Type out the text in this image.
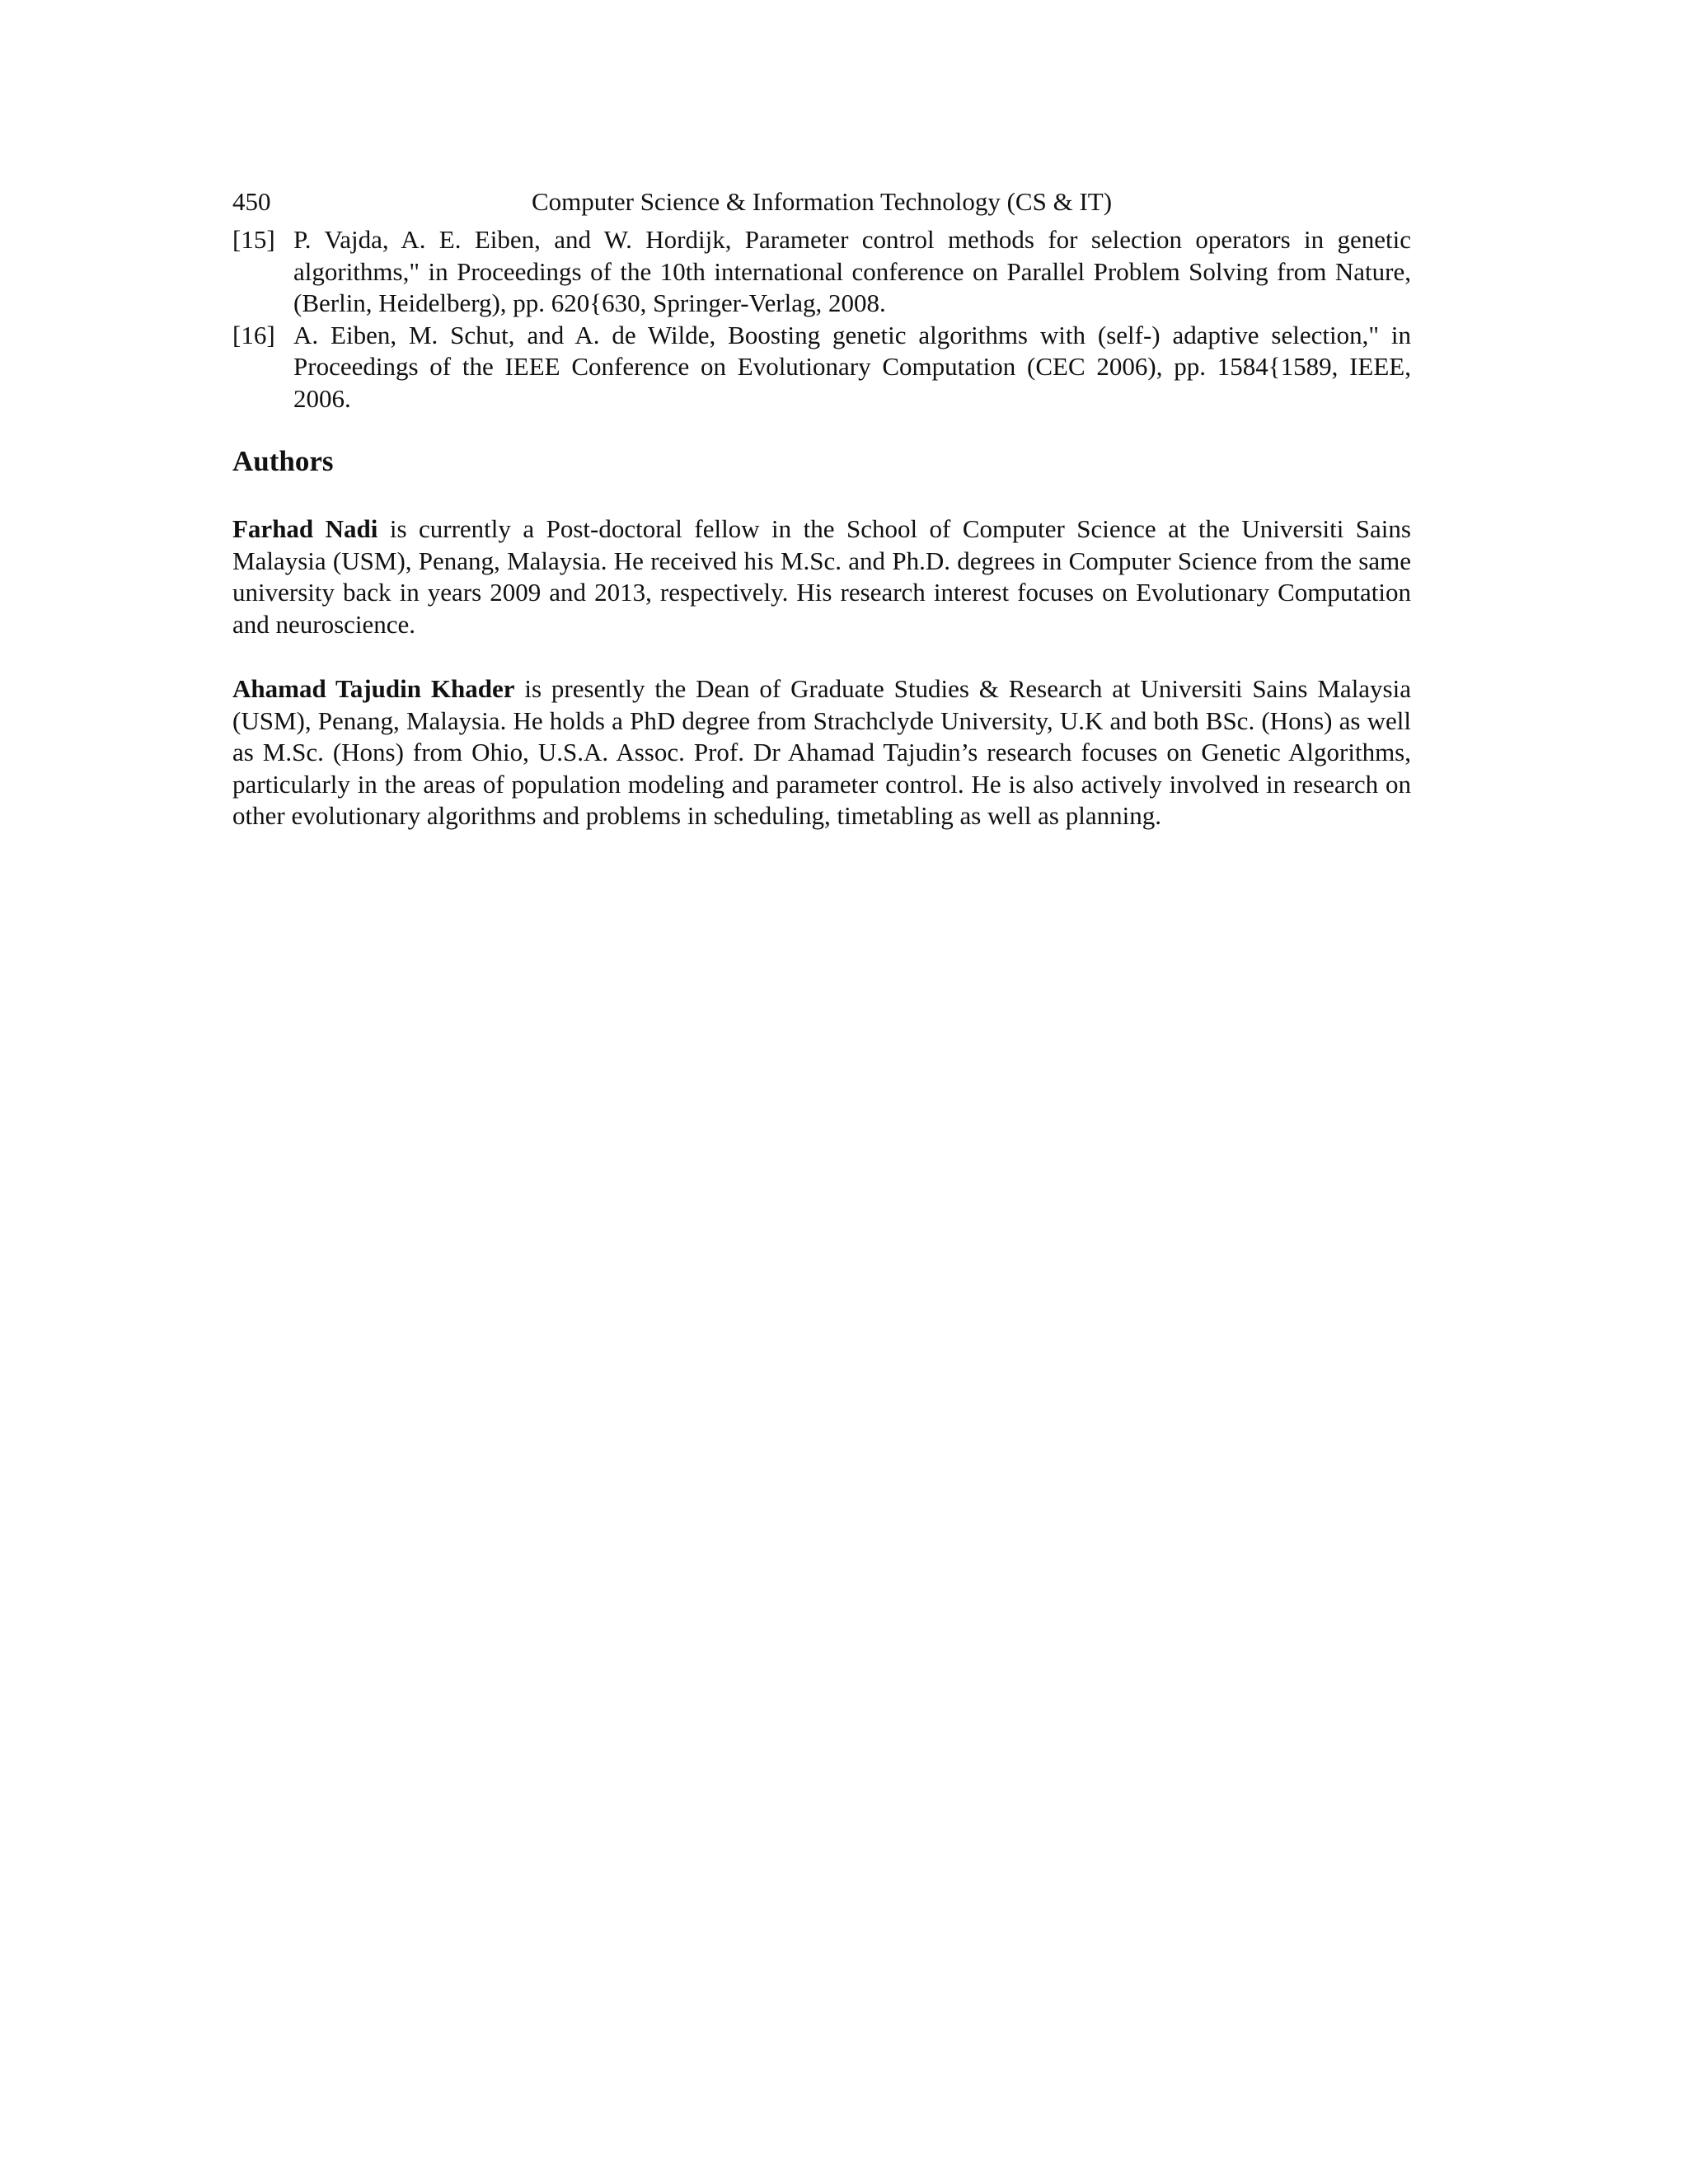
450	Computer Science & Information Technology (CS & IT)
[15] P. Vajda, A. E. Eiben, and W. Hordijk, Parameter control methods for selection operators in genetic algorithms," in Proceedings of the 10th international conference on Parallel Problem Solving from Nature, (Berlin, Heidelberg), pp. 620{630, Springer-Verlag, 2008.
[16] A. Eiben, M. Schut, and A. de Wilde, Boosting genetic algorithms with (self-) adaptive selection," in Proceedings of the IEEE Conference on Evolutionary Computation (CEC 2006), pp. 1584{1589, IEEE, 2006.
Authors

Farhad Nadi is currently a Post-doctoral fellow in the School of Computer Science at the Universiti Sains Malaysia (USM), Penang, Malaysia. He received his M.Sc. and Ph.D. degrees in Computer Science from the same university back in years 2009 and 2013, respectively. His research interest focuses on Evolutionary Computation and neuroscience.

Ahamad Tajudin Khader is presently the Dean of Graduate Studies & Research at Universiti Sains Malaysia (USM), Penang, Malaysia. He holds a PhD degree from Strachclyde University, U.K and both BSc. (Hons) as well as M.Sc. (Hons) from Ohio, U.S.A. Assoc. Prof. Dr Ahamad Tajudin’s research focuses on Genetic Algorithms, particularly in the areas of population modeling and parameter control. He is also actively involved in research on other evolutionary algorithms and problems in scheduling, timetabling as well as planning.
